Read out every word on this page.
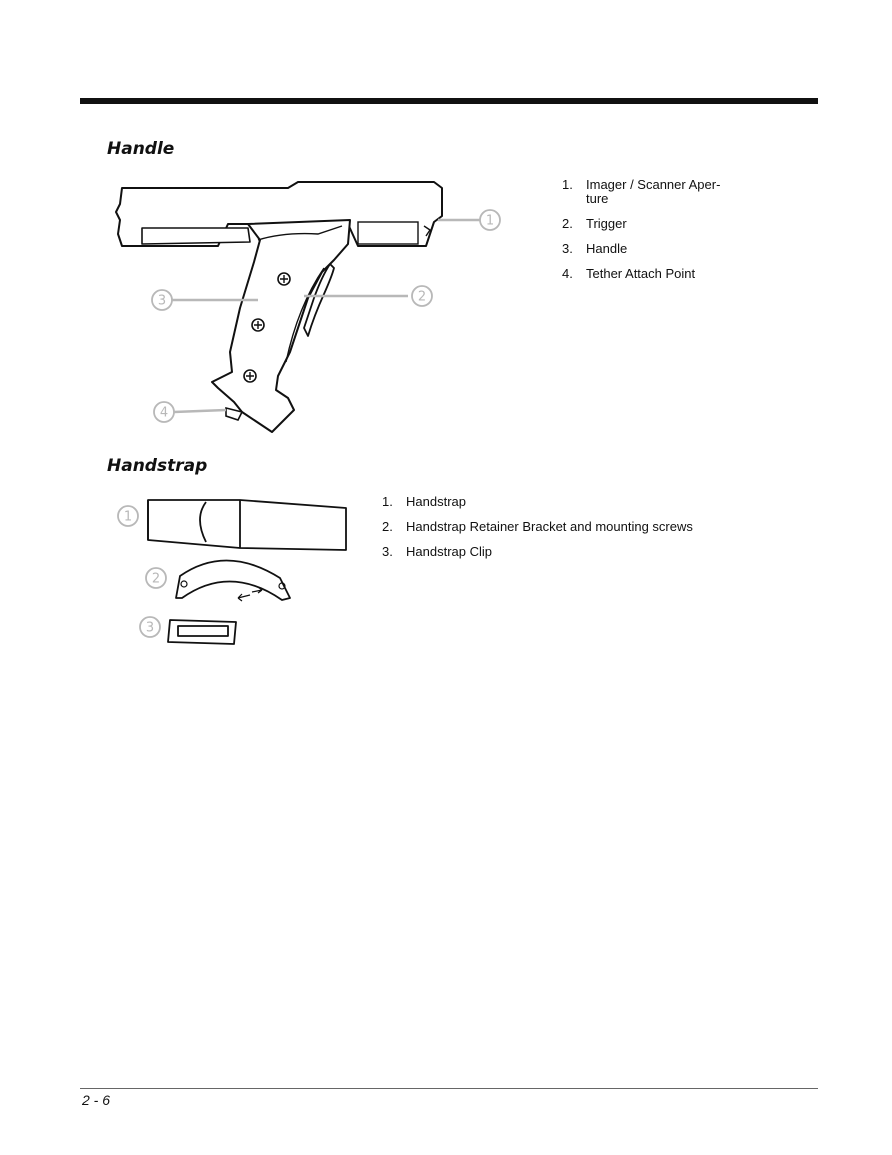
Handle
1
2
3
4
1. Imager / Scanner Aper-
ture
2. Trigger
3. Handle
4. Tether Attach Point
Handstrap
1
2
3
1. Handstrap
2. Handstrap Retainer Bracket and mounting screws
3. Handstrap Clip
2 - 6
